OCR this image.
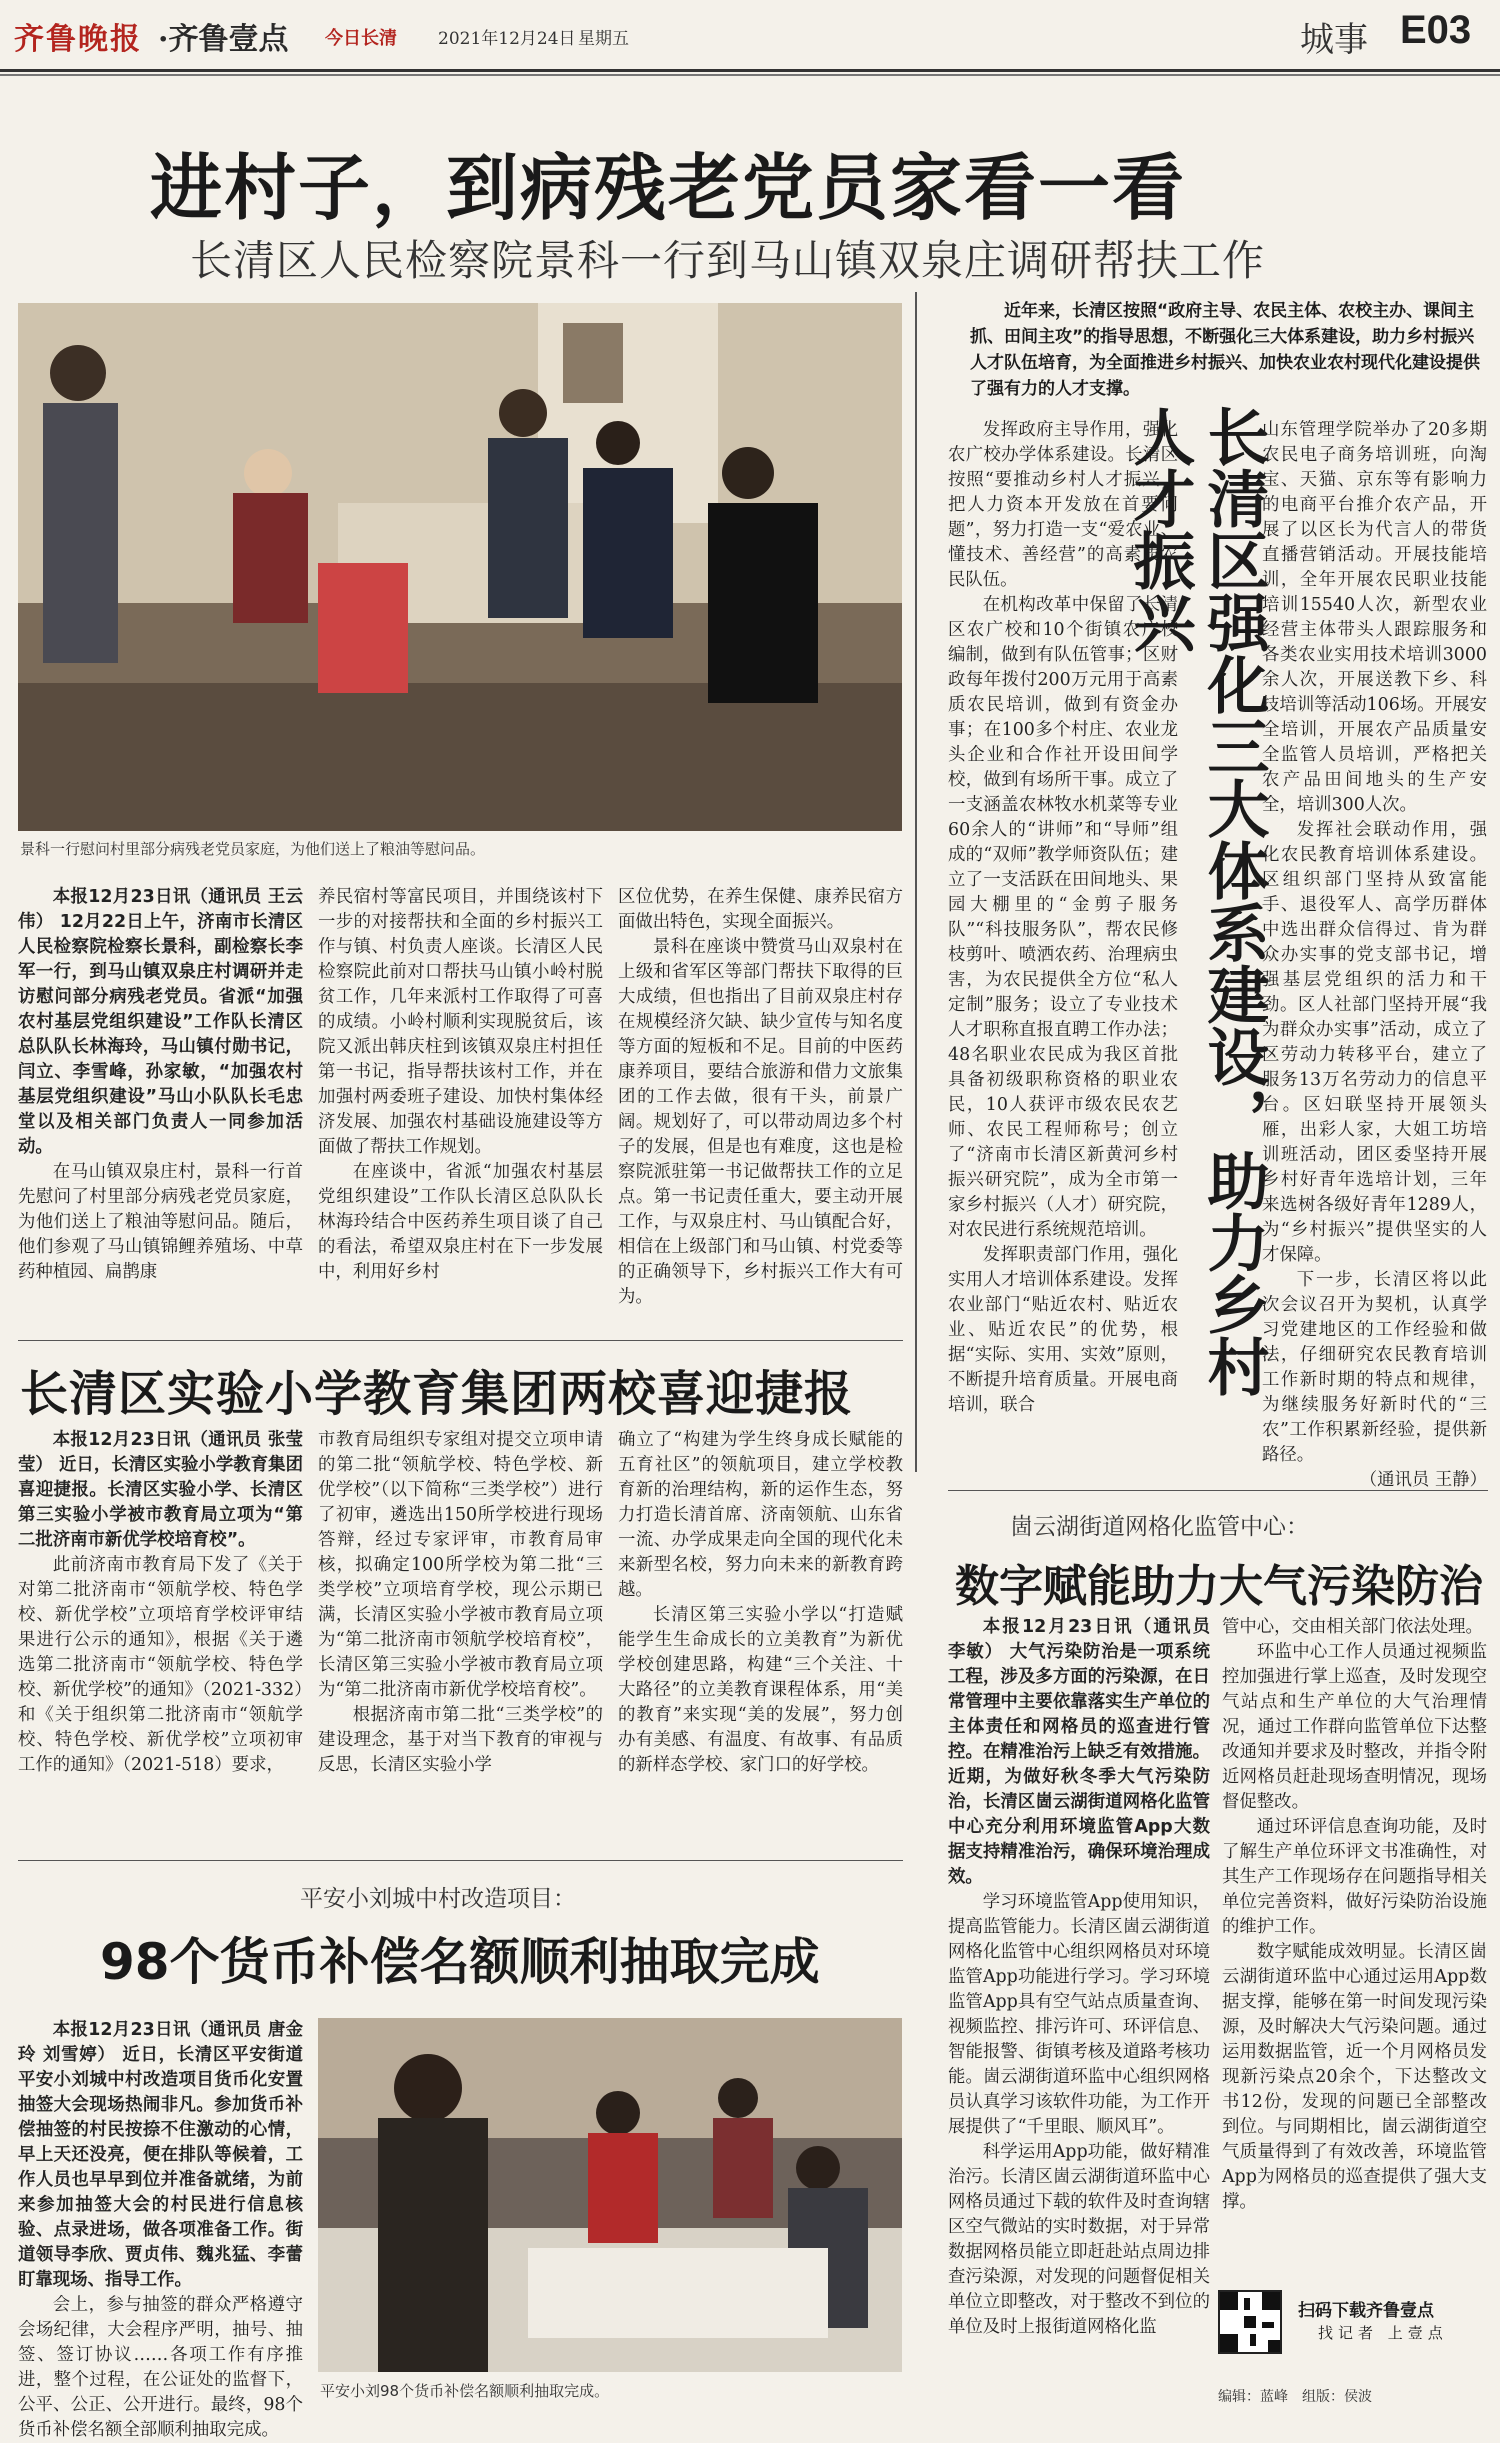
齐鲁晚报 ·齐鲁壹点 今日长清 2021年12月24日 星期五	城事 E03
进村子，到病残老党员家看一看
长清区人民检察院景科一行到马山镇双泉庄调研帮扶工作
景科一行慰问村里部分病残老党员家庭，为他们送上了粮油等慰问品。

本报12月23日讯（通讯员 王云伟） 12月22日上午，济南市长清区人民检察院检察长景科，副检察长李军一行，到马山镇双泉庄村调研并走访慰问部分病残老党员。省派“加强农村基层党组织建设”工作队长清区总队队长林海玲，马山镇付勋书记，闫立、李雪峰，孙家敏，“加强农村基层党组织建设”马山小队队长毛忠堂以及相关部门负责人一同参加活动。

在马山镇双泉庄村，景科一行首先慰问了村里部分病残老党员家庭，为他们送上了粮油等慰问品。随后，他们参观了马山镇锦鲤养殖场、中草药种植园、扁鹊康

养民宿村等富民项目，并围绕该村下一步的对接帮扶和全面的乡村振兴工作与镇、村负责人座谈。长清区人民检察院此前对口帮扶马山镇小岭村脱贫工作，几年来派村工作取得了可喜的成绩。小岭村顺利实现脱贫后，该院又派出韩庆柱到该镇双泉庄村担任第一书记，指导帮扶该村工作，并在加强村两委班子建设、加快村集体经济发展、加强农村基础设施建设等方面做了帮扶工作规划。

在座谈中，省派“加强农村基层党组织建设”工作队长清区总队队长林海玲结合中医药养生项目谈了自己的看法，希望双泉庄村在下一步发展中，利用好乡村

区位优势，在养生保健、康养民宿方面做出特色，实现全面振兴。

景科在座谈中赞赏马山双泉村在上级和省军区等部门帮扶下取得的巨大成绩，但也指出了目前双泉庄村存在规模经济欠缺、缺少宣传与知名度等方面的短板和不足。目前的中医药康养项目，要结合旅游和借力文旅集团的工作去做，很有干头，前景广阔。规划好了，可以带动周边多个村子的发展，但是也有难度，这也是检察院派驻第一书记做帮扶工作的立足点。第一书记责任重大，要主动开展工作，与双泉庄村、马山镇配合好，相信在上级部门和马山镇、村党委等的正确领导下，乡村振兴工作大有可为。

近年来，长清区按照“政府主导、农民主体、农校主办、课间主抓、田间主攻”的指导思想，不断强化三大体系建设，助力乡村振兴人才队伍培育，为全面推进乡村振兴、加快农业农村现代化建设提供了强有力的人才支撑。

发挥政府主导作用，强化农广校办学体系建设。长清区按照“要推动乡村人才振兴，把人力资本开发放在首要问题”，努力打造一支“爱农业、懂技术、善经营”的高素质农民队伍。

在机构改革中保留了长清区农广校和10个街镇农广校编制，做到有队伍管事；区财政每年拨付200万元用于高素质农民培训，做到有资金办事；在100多个村庄、农业龙头企业和合作社开设田间学校，做到有场所干事。成立了一支涵盖农林牧水机菜等专业60余人的“讲师”和“导师”组成的“双师”教学师资队伍；建立了一支活跃在田间地头、果园大棚里的“金剪子服务队”“科技服务队”，帮农民修枝剪叶、喷洒农药、治理病虫害，为农民提供全方位“私人定制”服务；设立了专业技术人才职称直报直聘工作办法；48名职业农民成为我区首批具备初级职称资格的职业农民，10人获评市级农民农艺师、农民工程师称号；创立了“济南市长清区新黄河乡村振兴研究院”，成为全市第一家乡村振兴（人才）研究院，对农民进行系统规范培训。

发挥职责部门作用，强化实用人才培训体系建设。发挥农业部门“贴近农村、贴近农业、贴近农民”的优势，根据“实际、实用、实效”原则，不断提升培育质量。开展电商培训，联合

长清区强化三大体系建设，助力乡村人才振兴	山东管理学院举办了20多期农民电子商务培训班，向淘宝、天猫、京东等有影响力的电商平台推介农产品，开展了以区长为代言人的带货直播营销活动。开展技能培训，全年开展农民职业技能培训15540人次，新型农业经营主体带头人跟踪服务和各类农业实用技术培训3000余人次，开展送教下乡、科技培训等活动106场。开展安全培训，开展农产品质量安全监管人员培训，严格把关农产品田间地头的生产安全，培训300人次。

发挥社会联动作用，强化农民教育培训体系建设。区组织部门坚持从致富能手、退役军人、高学历群体中选出群众信得过、肯为群众办实事的党支部书记，增强基层党组织的活力和干劲。区人社部门坚持开展“我为群众办实事”活动，成立了区劳动力转移平台，建立了服务13万名劳动力的信息平台。区妇联坚持开展领头雁，出彩人家，大姐工坊培训班活动，团区委坚持开展乡村好青年选培计划，三年来选树各级好青年1289人，为“乡村振兴”提供坚实的人才保障。

下一步，长清区将以此次会议召开为契机，认真学习党建地区的工作经验和做法，仔细研究农民教育培训工作新时期的特点和规律，为继续服务好新时代的“三农”工作积累新经验，提供新路径。

（通讯员 王静）

长清区实验小学教育集团两校喜迎捷报

本报12月23日讯（通讯员 张莹莹） 近日，长清区实验小学教育集团喜迎捷报。长清区实验小学、长清区第三实验小学被市教育局立项为“第二批济南市新优学校培育校”。

此前济南市教育局下发了《关于对第二批济南市“领航学校、特色学校、新优学校”立项培育学校评审结果进行公示的通知》，根据《关于遴选第二批济南市“领航学校、特色学校、新优学校”的通知》（2021-332）和《关于组织第二批济南市“领航学校、特色学校、新优学校”立项初审工作的通知》（2021-518）要求，

市教育局组织专家组对提交立项申请的第二批“领航学校、特色学校、新优学校”（以下简称“三类学校”）进行了初审，遴选出150所学校进行现场答辩，经过专家评审，市教育局审核，拟确定100所学校为第二批“三类学校”立项培育学校，现公示期已满，长清区实验小学被市教育局立项为“第二批济南市领航学校培育校”，长清区第三实验小学被市教育局立项为“第二批济南市新优学校培育校”。

根据济南市第二批“三类学校”的建设理念，基于对当下教育的审视与反思，长清区实验小学

确立了“构建为学生终身成长赋能的五育社区”的领航项目，建立学校教育新的治理结构，新的运作生态，努力打造长清首席、济南领航、山东省一流、办学成果走向全国的现代化未来新型名校，努力向未来的新教育跨越。

长清区第三实验小学以“打造赋能学生生命成长的立美教育”为新优学校创建思路，构建“三个关注、十大路径”的立美教育课程体系，用“美的教育”来实现“美的发展”，努力创办有美感、有温度、有故事、有品质的新样态学校、家门口的好学校。

崮云湖街道网格化监管中心：
数字赋能助力大气污染防治

本报12月23日讯（通讯员 李敏） 大气污染防治是一项系统工程，涉及多方面的污染源，在日常管理中主要依靠落实生产单位的主体责任和网格员的巡查进行管控。在精准治污上缺乏有效措施。近期，为做好秋冬季大气污染防治，长清区崮云湖街道网格化监管中心充分利用环境监管App大数据支持精准治污，确保环境治理成效。

学习环境监管App使用知识，提高监管能力。长清区崮云湖街道网格化监管中心组织网格员对环境监管App功能进行学习。学习环境监管App具有空气站点质量查询、视频监控、排污许可、环评信息、智能报警、街镇考核及道路考核功能。崮云湖街道环监中心组织网格员认真学习该软件功能，为工作开展提供了“千里眼、顺风耳”。

科学运用App功能，做好精准治污。长清区崮云湖街道环监中心网格员通过下载的软件及时查询辖区空气微站的实时数据，对于异常数据网格员能立即赶赴站点周边排查污染源，对发现的问题督促相关单位立即整改，对于整改不到位的单位及时上报街道网格化监

管中心，交由相关部门依法处理。

环监中心工作人员通过视频监控加强进行掌上巡查，及时发现空气站点和生产单位的大气治理情况，通过工作群向监管单位下达整改通知并要求及时整改，并指令附近网格员赶赴现场查明情况，现场督促整改。

通过环评信息查询功能，及时了解生产单位环评文书准确性，对其生产工作现场存在问题指导相关单位完善资料，做好污染防治设施的维护工作。

数字赋能成效明显。长清区崮云湖街道环监中心通过运用App数据支撑，能够在第一时间发现污染源，及时解决大气污染问题。通过运用数据监管，近一个月网格员发现新污染点20余个，下达整改文书12份，发现的问题已全部整改到位。与同期相比，崮云湖街道空气质量得到了有效改善，环境监管App为网格员的巡查提供了强大支撑。

扫码下载齐鲁壹点
找记者 上壹点
编辑：蓝峰　组版：侯波
平安小刘城中村改造项目：
98个货币补偿名额顺利抽取完成

本报12月23日讯（通讯员 唐金玲 刘雪婷） 近日，长清区平安街道平安小刘城中村改造项目货币化安置抽签大会现场热闹非凡。参加货币补偿抽签的村民按捺不住激动的心情，早上天还没亮，便在排队等候着，工作人员也早早到位并准备就绪，为前来参加抽签大会的村民进行信息核验、点录进场，做各项准备工作。街道领导李欣、贾贞伟、魏兆猛、李蕾盯靠现场、指导工作。

会上，参与抽签的群众严格遵守会场纪律，大会程序严明，抽号、抽签、签订协议……各项工作有序推进，整个过程，在公证处的监督下，公平、公正、公开进行。最终，98个货币补偿名额全部顺利抽取完成。

平安小刘98个货币补偿名额顺利抽取完成。
